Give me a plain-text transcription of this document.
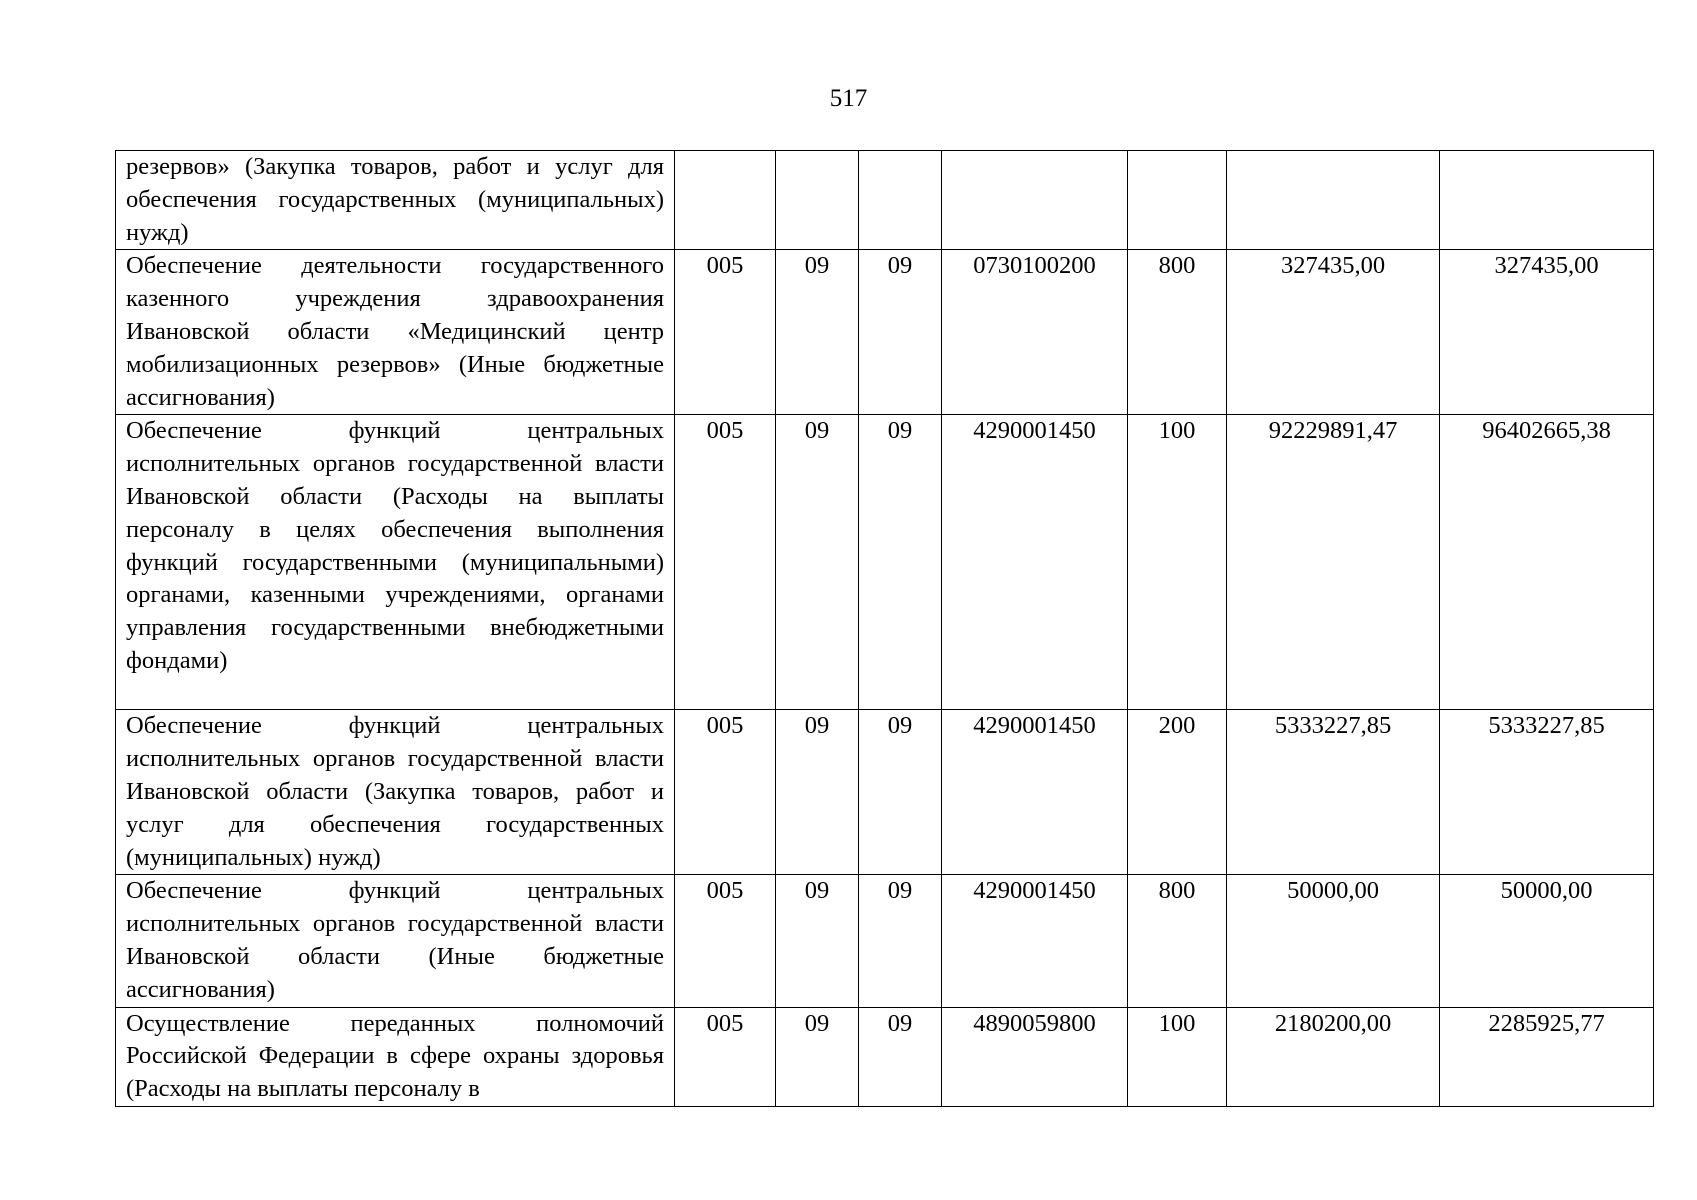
517
резервов» (Закупка товаров, работ и услуг для обеспечения государственных (муниципальных) нужд)							
Обеспечение деятельности государственного казенного учреждения здравоохранения Ивановской области «Медицинский центр мобилизационных резервов» (Иные бюджетные ассигнования)	005	09	09	0730100200	800	327435,00	327435,00
Обеспечение функций центральных исполнительных органов государственной власти Ивановской области (Расходы на выплаты персоналу в целях обеспечения выполнения функций государственными (муниципальными) органами, казенными учреждениями, органами управления государственными внебюджетными фондами)	005	09	09	4290001450	100	92229891,47	96402665,38
Обеспечение функций центральных исполнительных органов государственной власти Ивановской области (Закупка товаров, работ и услуг для обеспечения государственных (муниципальных) нужд)	005	09	09	4290001450	200	5333227,85	5333227,85
Обеспечение функций центральных исполнительных органов государственной власти Ивановской области (Иные бюджетные ассигнования)	005	09	09	4290001450	800	50000,00	50000,00
Осуществление переданных полномочий Российской Федерации в сфере охраны здоровья (Расходы на выплаты персоналу в	005	09	09	4890059800	100	2180200,00	2285925,77
